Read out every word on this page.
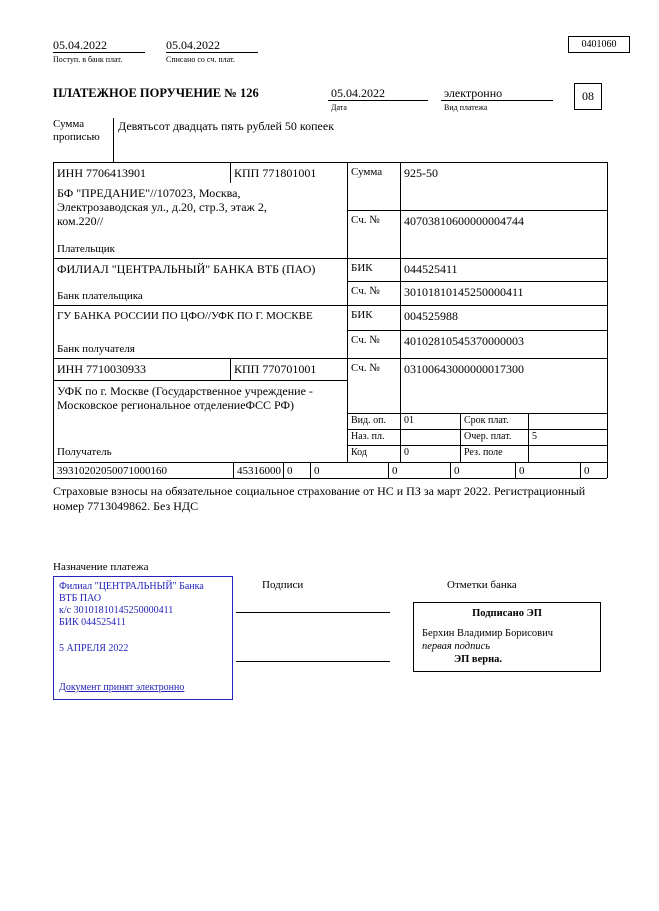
05.04.2022
Поступ. в банк плат.
05.04.2022
Списано со сч. плат.
0401060
ПЛАТЕЖНОЕ ПОРУЧЕНИЕ № 126	05.04.2022
Дата
электронно
Вид платежа
08
Сумма
прописью
Девятьсот двадцать пять рублей 50 копеек
ИНН 7706413901	КПП 771801001	Сумма 925-50
БФ "ПРЕДАНИЕ"//107023, Москва, Электрозаводская ул., д.20, стр.3, этаж 2, ком.220//	Сч. № 40703810600000004744
Плательщик
ФИЛИАЛ "ЦЕНТРАЛЬНЫЙ" БАНКА ВТБ (ПАО)	БИК	044525411
Сч. № 30101810145250000411
Банк плательщика
ГУ БАНКА РОССИИ ПО ЦФО//УФК ПО Г. МОСКВЕ	БИК	004525988
Сч. № 40102810545370000003
Банк получателя
ИНН 7710030933	КПП 770701001	Сч. № 03100643000000017300
УФК по г. Москве (Государственное учреждение - Московское региональное отделениеФСС РФ)
Вид. оп. 01	Срок плат.
Наз. пл.	Очер. плат. 5
Код	0	Рез. поле
Получатель
39310202050071000160	45316000 0 0	0	0	0	0
Страховые взносы на обязательное социальное страхование от НС и ПЗ за март 2022. Регистрационный номер 7713049862. Без НДС
Назначение платежа
Филиал "ЦЕНТРАЛЬНЫЙ" Банка ВТБ ПАО
к/с 30101810145250000411
БИК 044525411
5 АПРЕЛЯ 2022
Документ принят электронно
Подписи	Отметки банка
Подписано ЭП
Берхин Владимир Борисович
первая подпись
ЭП верна.
